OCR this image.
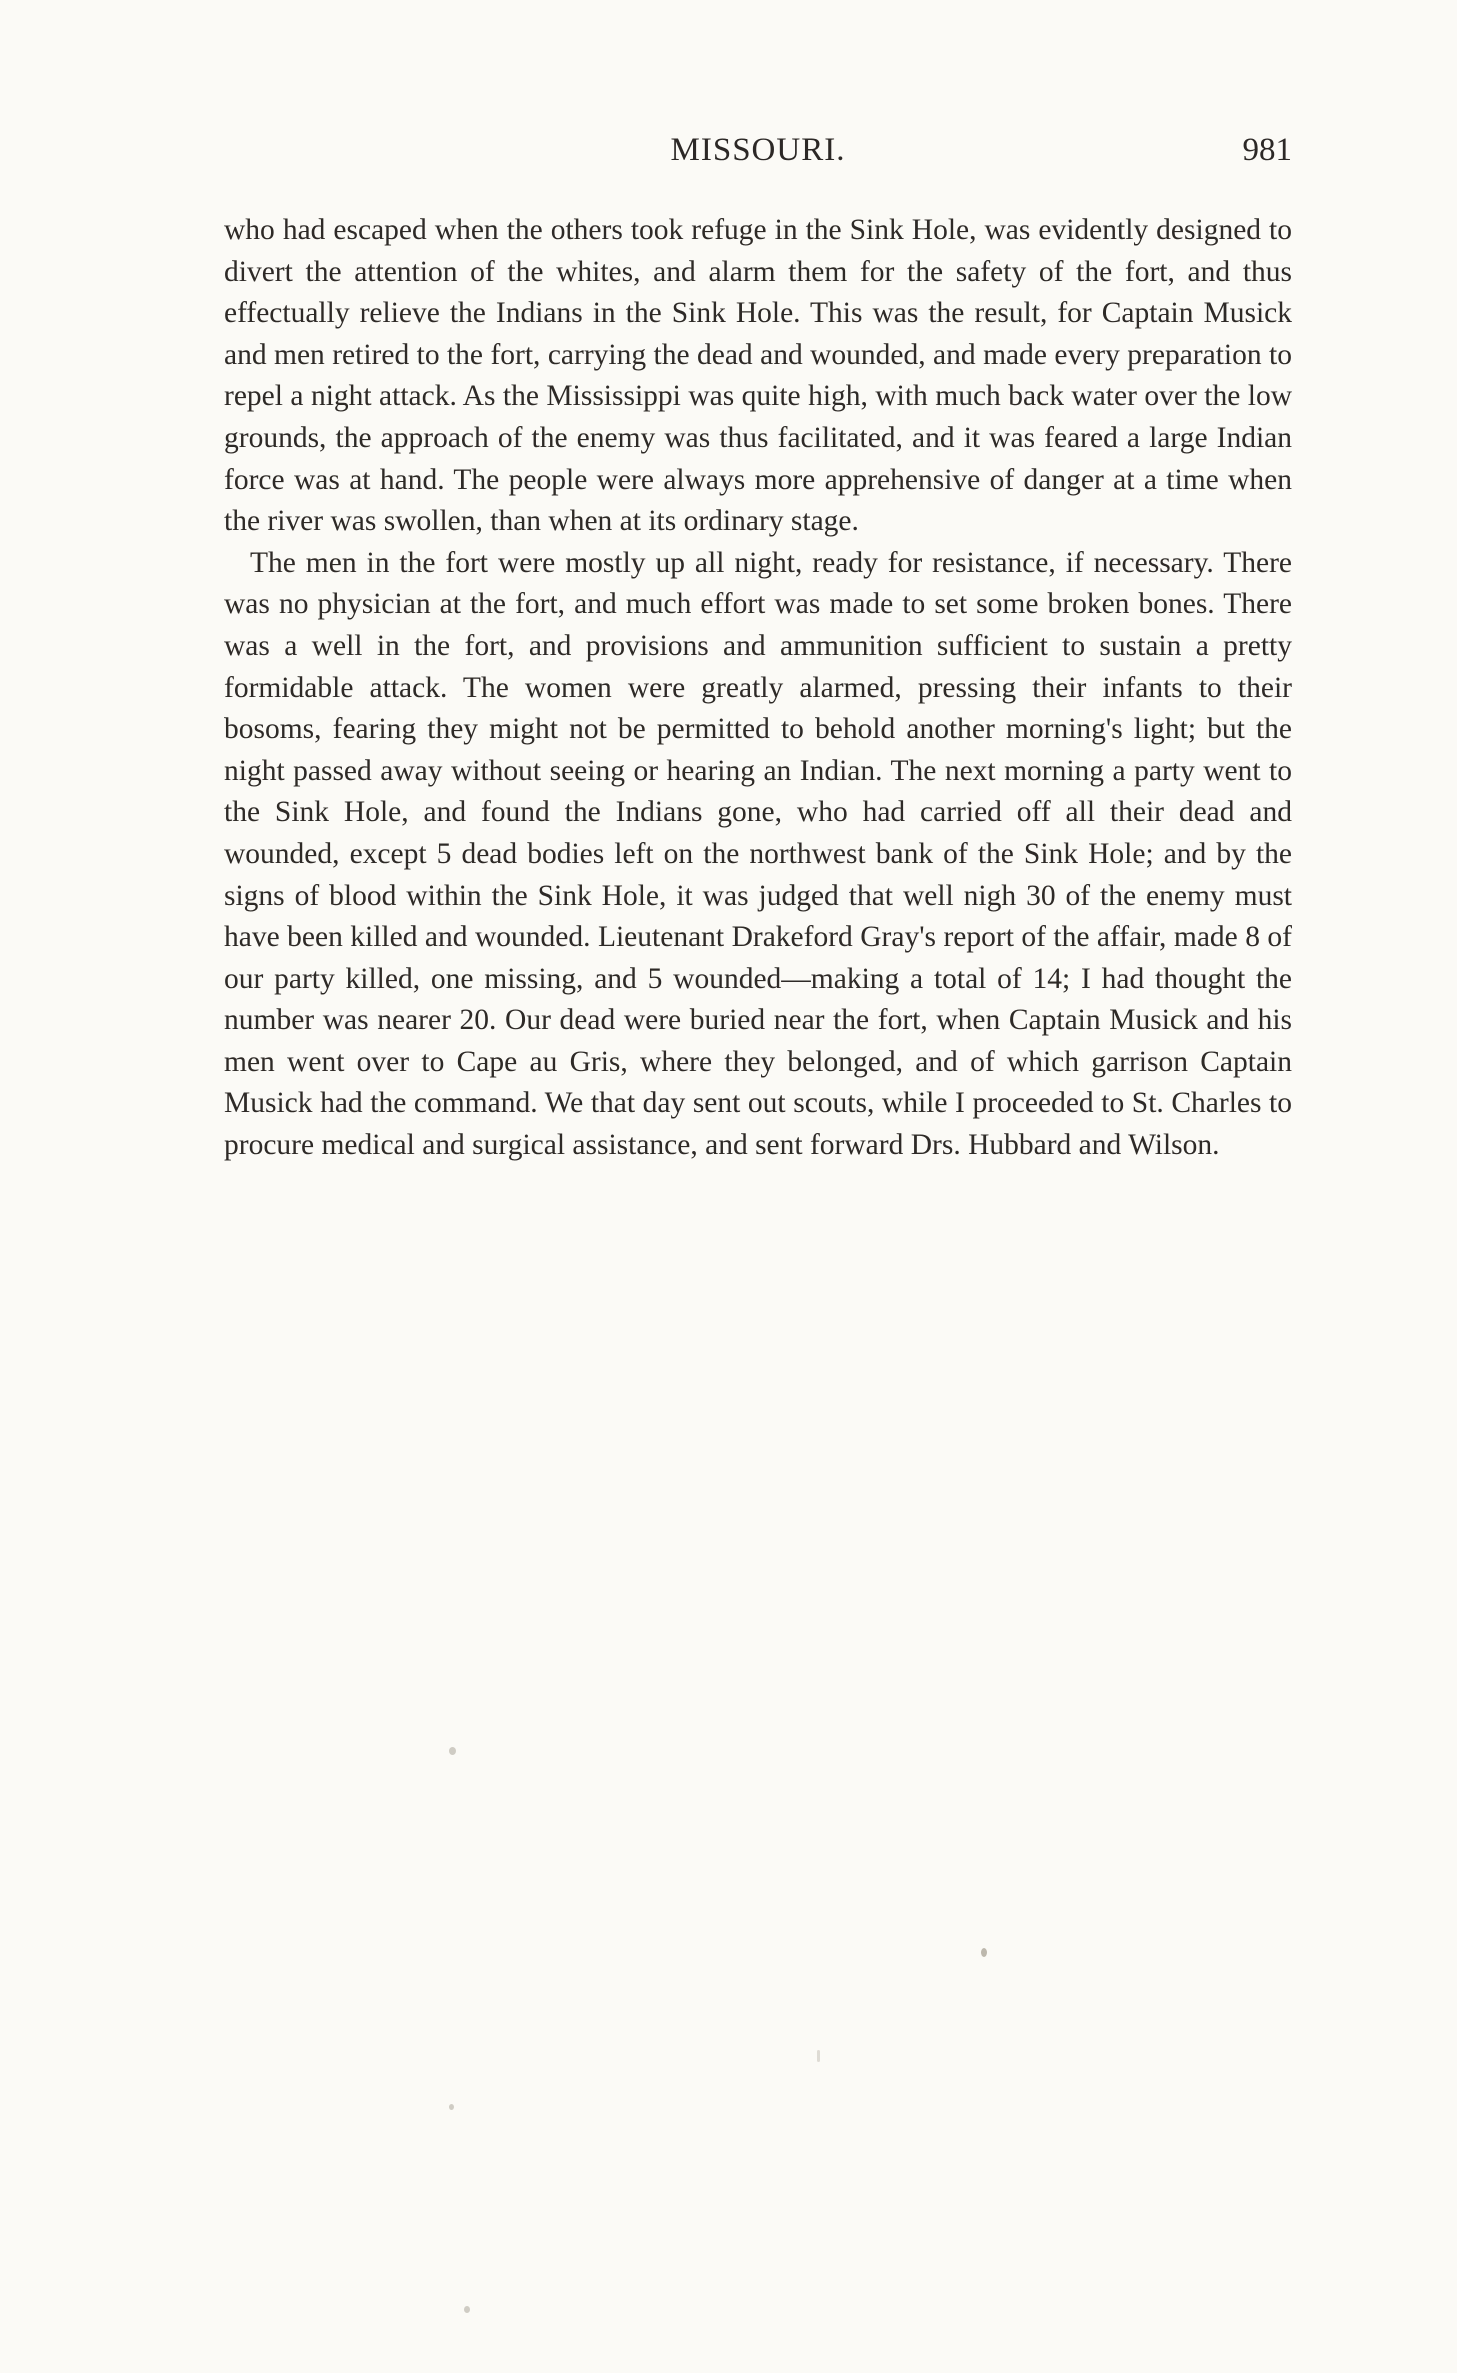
MISSOURI.	981

who had escaped when the others took refuge in the Sink Hole, was evidently designed to divert the attention of the whites, and alarm them for the safety of the fort, and thus effectually relieve the Indians in the Sink Hole. This was the result, for Captain Musick and men retired to the fort, carrying the dead and wounded, and made every preparation to repel a night attack. As the Mississippi was quite high, with much back water over the low grounds, the approach of the enemy was thus facilitated, and it was feared a large Indian force was at hand. The people were always more apprehensive of danger at a time when the river was swollen, than when at its ordinary stage.

The men in the fort were mostly up all night, ready for resistance, if necessary. There was no physician at the fort, and much effort was made to set some broken bones. There was a well in the fort, and provisions and ammunition sufficient to sustain a pretty formidable attack. The women were greatly alarmed, pressing their infants to their bosoms, fearing they might not be permitted to behold another morning's light; but the night passed away without seeing or hearing an Indian. The next morning a party went to the Sink Hole, and found the Indians gone, who had carried off all their dead and wounded, except 5 dead bodies left on the northwest bank of the Sink Hole; and by the signs of blood within the Sink Hole, it was judged that well nigh 30 of the enemy must have been killed and wounded. Lieutenant Drakeford Gray's report of the affair, made 8 of our party killed, one missing, and 5 wounded—making a total of 14; I had thought the number was nearer 20. Our dead were buried near the fort, when Captain Musick and his men went over to Cape au Gris, where they belonged, and of which garrison Captain Musick had the command. We that day sent out scouts, while I proceeded to St. Charles to procure medical and surgical assistance, and sent forward Drs. Hubbard and Wilson.
